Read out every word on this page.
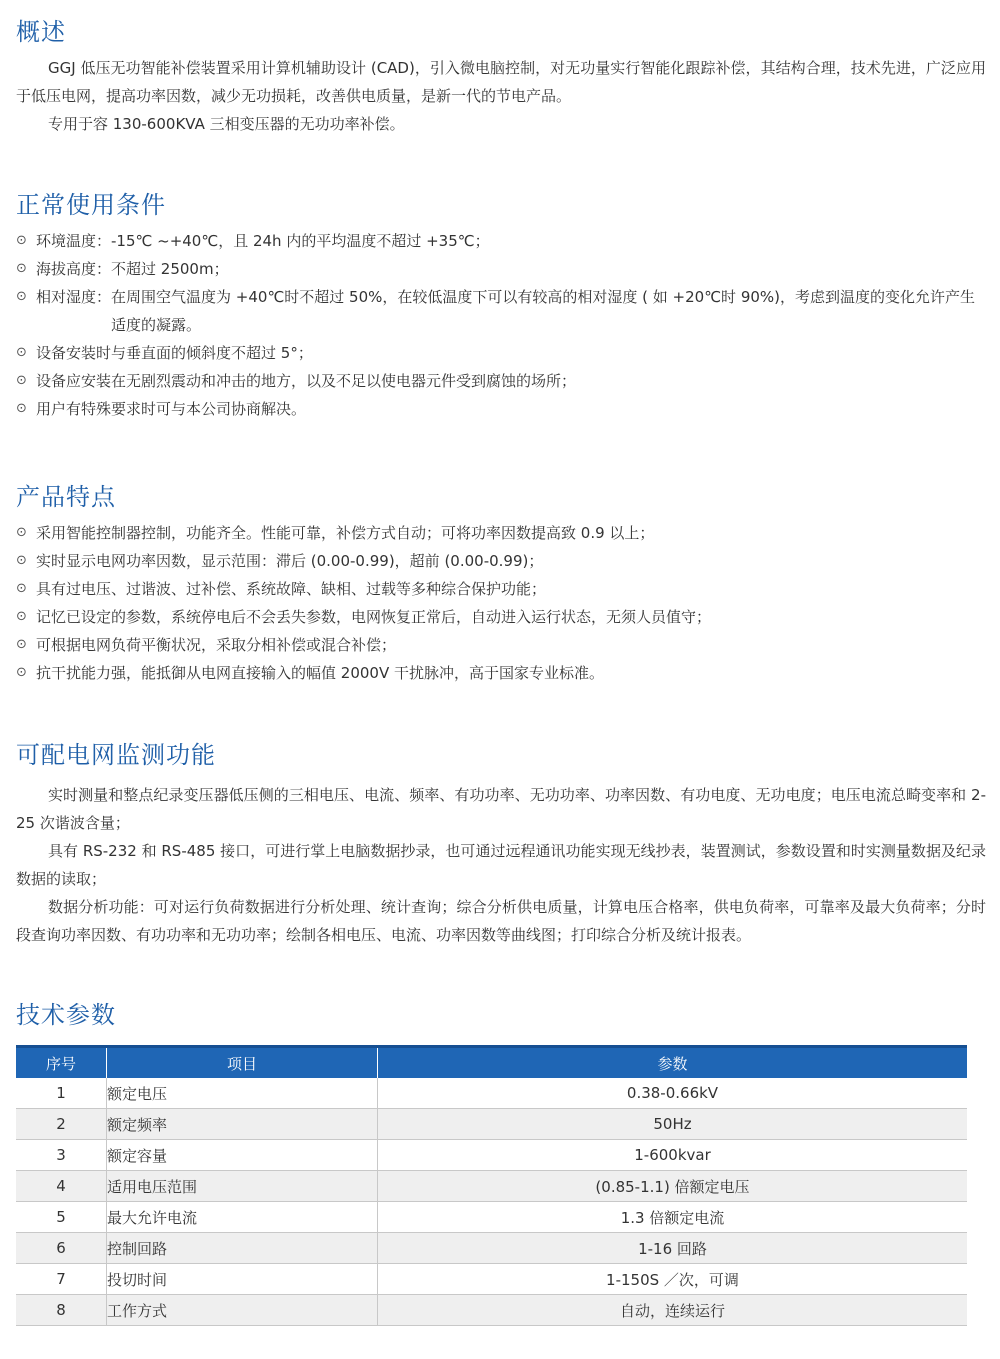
概述

GGJ 低压无功智能补偿装置采用计算机辅助设计 (CAD)，引入微电脑控制，对无功量实行智能化跟踪补偿，其结构合理，技术先进，广泛应用于低压电网，提高功率因数，减少无功损耗，改善供电质量，是新一代的节电产品。

专用于容 130-600KVA 三相变压器的无功功率补偿。

正常使用条件
⊙ 环境温度： -15℃ ~+40℃，且 24h 内的平均温度不超过 +35℃；
⊙ 海拔高度： 不超过 2500m；
⊙ 相对湿度： 在周围空气温度为 +40℃时不超过 50%，在较低温度下可以有较高的相对湿度 ( 如 +20℃时 90%)，考虑到温度的变化允许产生适度的凝露。
⊙ 设备安装时与垂直面的倾斜度不超过 5°；
⊙ 设备应安装在无剧烈震动和冲击的地方，以及不足以使电器元件受到腐蚀的场所；
⊙ 用户有特殊要求时可与本公司协商解决。
产品特点
⊙ 采用智能控制器控制，功能齐全。性能可靠，补偿方式自动；可将功率因数提高致 0.9 以上；
⊙ 实时显示电网功率因数，显示范围：滞后 (0.00-0.99)，超前 (0.00-0.99)；
⊙ 具有过电压、过谐波、过补偿、系统故障、缺相、过载等多种综合保护功能；
⊙ 记忆已设定的参数，系统停电后不会丢失参数，电网恢复正常后，自动进入运行状态，无须人员值守；
⊙ 可根据电网负荷平衡状况，采取分相补偿或混合补偿；
⊙ 抗干扰能力强，能抵御从电网直接输入的幅值 2000V 干扰脉冲，高于国家专业标准。
可配电网监测功能

实时测量和整点纪录变压器低压侧的三相电压、电流、频率、有功功率、无功功率、功率因数、有功电度、无功电度；电压电流总畸变率和 2-25 次谐波含量；

具有 RS-232 和 RS-485 接口，可进行掌上电脑数据抄录，也可通过远程通讯功能实现无线抄表，装置测试，参数设置和时实测量数据及纪录数据的读取；

数据分析功能：可对运行负荷数据进行分析处理、统计查询；综合分析供电质量，计算电压合格率，供电负荷率，可靠率及最大负荷率；分时段查询功率因数、有功功率和无功功率；绘制各相电压、电流、功率因数等曲线图；打印综合分析及统计报表。

技术参数
序号	项目	参数
1	额定电压	0.38-0.66kV
2	额定频率	50Hz
3	额定容量	1-600kvar
4	适用电压范围	(0.85-1.1) 倍额定电压
5	最大允许电流	1.3 倍额定电流
6	控制回路	1-16 回路
7	投切时间	1-150S ／次，可调
8	工作方式	自动，连续运行
